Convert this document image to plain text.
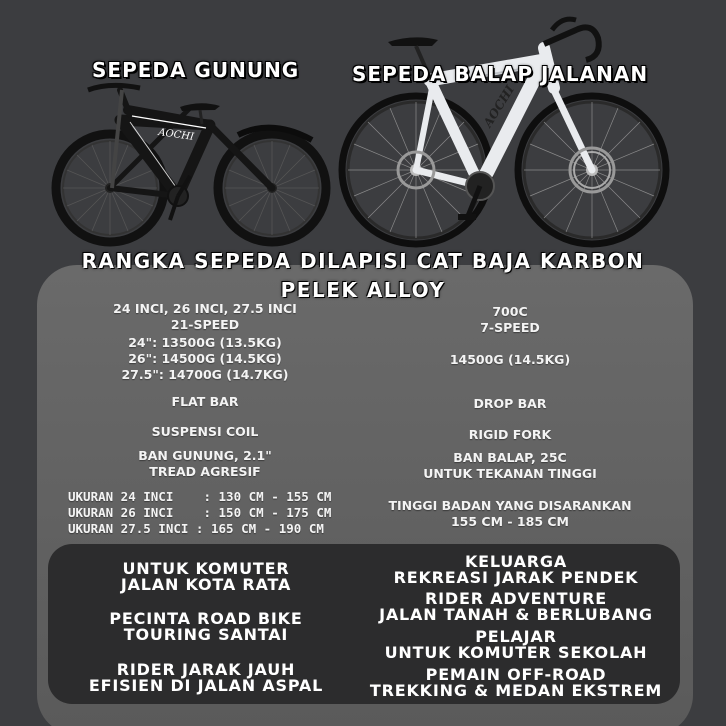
AOCHI
AOCHI
SEPEDA GUNUNG	SEPEDA BALAP JALANAN
RANGKA SEPEDA DILAPISI CAT BAJA KARBON
PELEK ALLOY
24 INCI, 26 INCI, 27.5 INCI
21-SPEED
24": 13500G (13.5KG)
26": 14500G (14.5KG)
27.5": 14700G (14.7KG)
FLAT BAR
SUSPENSI COIL
BAN GUNUNG, 2.1"
TREAD AGRESIF
UKURAN 24 INCI    : 130 CM - 155 CM
UKURAN 26 INCI    : 150 CM - 175 CM
UKURAN 27.5 INCI : 165 CM - 190 CM
700C
7-SPEED
14500G (14.5KG)
DROP BAR
RIGID FORK
BAN BALAP, 25C
UNTUK TEKANAN TINGGI
TINGGI BADAN YANG DISARANKAN
155 CM - 185 CM
UNTUK KOMUTER
JALAN KOTA RATA
PECINTA ROAD BIKE
TOURING SANTAI
RIDER JARAK JAUH
EFISIEN DI JALAN ASPAL
KELUARGA
REKREASI JARAK PENDEK
RIDER ADVENTURE
JALAN TANAH & BERLUBANG
PELAJAR
UNTUK KOMUTER SEKOLAH
PEMAIN OFF-ROAD
TREKKING & MEDAN EKSTREM
